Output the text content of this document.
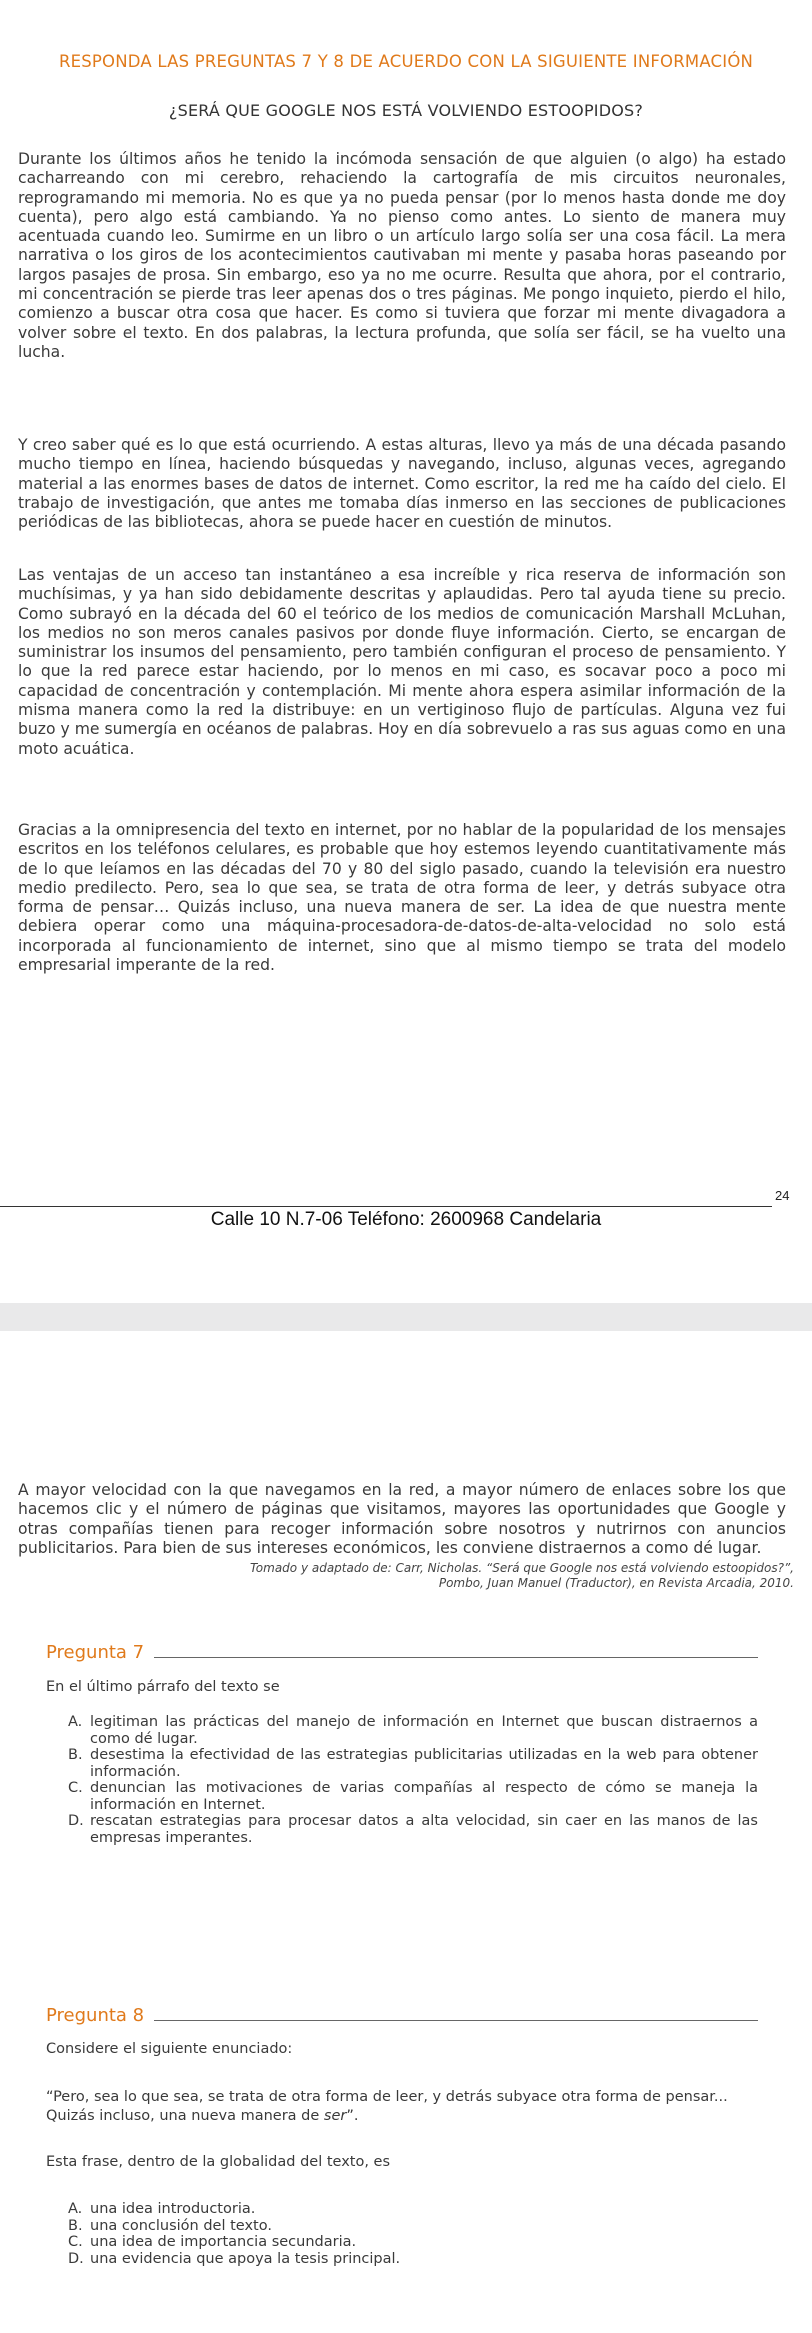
RESPONDA LAS PREGUNTAS 7 Y 8 DE ACUERDO CON LA SIGUIENTE INFORMACIÓN
¿SERÁ QUE GOOGLE NOS ESTÁ VOLVIENDO ESTOOPIDOS?

Durante los últimos años he tenido la incómoda sensación de que alguien (o algo) ha estado cacharreando con mi cerebro, rehaciendo la cartografía de mis circuitos neuronales, reprogramando mi memoria. No es que ya no pueda pensar (por lo menos hasta donde me doy cuenta), pero algo está cambiando. Ya no pienso como antes. Lo siento de manera muy acentuada cuando leo. Sumirme en un libro o un artículo largo solía ser una cosa fácil. La mera narrativa o los giros de los acontecimientos cautivaban mi mente y pasaba horas paseando por largos pasajes de prosa. Sin embargo, eso ya no me ocurre. Resulta que ahora, por el contrario, mi concentración se pierde tras leer apenas dos o tres páginas. Me pongo inquieto, pierdo el hilo, comienzo a buscar otra cosa que hacer. Es como si tuviera que forzar mi mente divagadora a volver sobre el texto. En dos palabras, la lectura profunda, que solía ser fácil, se ha vuelto una lucha.

Y creo saber qué es lo que está ocurriendo. A estas alturas, llevo ya más de una década pasando mucho tiempo en línea, haciendo búsquedas y navegando, incluso, algunas veces, agregando material a las enormes bases de datos de internet. Como escritor, la red me ha caído del cielo. El trabajo de investigación, que antes me tomaba días inmerso en las secciones de publicaciones periódicas de las bibliotecas, ahora se puede hacer en cuestión de minutos.

Las ventajas de un acceso tan instantáneo a esa increíble y rica reserva de información son muchísimas, y ya han sido debidamente descritas y aplaudidas. Pero tal ayuda tiene su precio. Como subrayó en la década del 60 el teórico de los medios de comunicación Marshall McLuhan, los medios no son meros canales pasivos por donde fluye información. Cierto, se encargan de suministrar los insumos del pensamiento, pero también configuran el proceso de pensamiento. Y lo que la red parece estar haciendo, por lo menos en mi caso, es socavar poco a poco mi capacidad de concentración y contemplación. Mi mente ahora espera asimilar información de la misma manera como la red la distribuye: en un vertiginoso flujo de partículas. Alguna vez fui buzo y me sumergía en océanos de palabras. Hoy en día sobrevuelo a ras sus aguas como en una moto acuática.

Gracias a la omnipresencia del texto en internet, por no hablar de la popularidad de los mensajes escritos en los teléfonos celulares, es probable que hoy estemos leyendo cuantitativamente más de lo que leíamos en las décadas del 70 y 80 del siglo pasado, cuando la televisión era nuestro medio predilecto. Pero, sea lo que sea, se trata de otra forma de leer, y detrás subyace otra forma de pensar… Quizás incluso, una nueva manera de ser. La idea de que nuestra mente debiera operar como una máquina-procesadora-de-datos-de-alta-velocidad no solo está incorporada al funcionamiento de internet, sino que al mismo tiempo se trata del modelo empresarial imperante de la red.

24
Calle 10 N.7-06 Teléfono: 2600968 Candelaria

A mayor velocidad con la que navegamos en la red, a mayor número de enlaces sobre los que hacemos clic y el número de páginas que visitamos, mayores las oportunidades que Google y otras compañías tienen para recoger información sobre nosotros y nutrirnos con anuncios publicitarios. Para bien de sus intereses económicos, les conviene distraernos a como dé lugar.

Tomado y adaptado de: Carr, Nicholas. “Será que Google nos está volviendo estoopidos?”,
Pombo, Juan Manuel (Traductor), en Revista Arcadia, 2010.
Pregunta 7

En el último párrafo del texto se

A. legitiman las prácticas del manejo de información en Internet que buscan distraernos a como dé lugar.
B. desestima la efectividad de las estrategias publicitarias utilizadas en la web para obtener información.
C. denuncian las motivaciones de varias compañías al respecto de cómo se maneja la información en Internet.
D. rescatan estrategias para procesar datos a alta velocidad, sin caer en las manos de las empresas imperantes.
Pregunta 8

Considere el siguiente enunciado:

“Pero, sea lo que sea, se trata de otra forma de leer, y detrás subyace otra forma de pensar...
Quizás incluso, una nueva manera de ser”.

Esta frase, dentro de la globalidad del texto, es

A. una idea introductoria.
B. una conclusión del texto.
C. una idea de importancia secundaria.
D. una evidencia que apoya la tesis principal.
